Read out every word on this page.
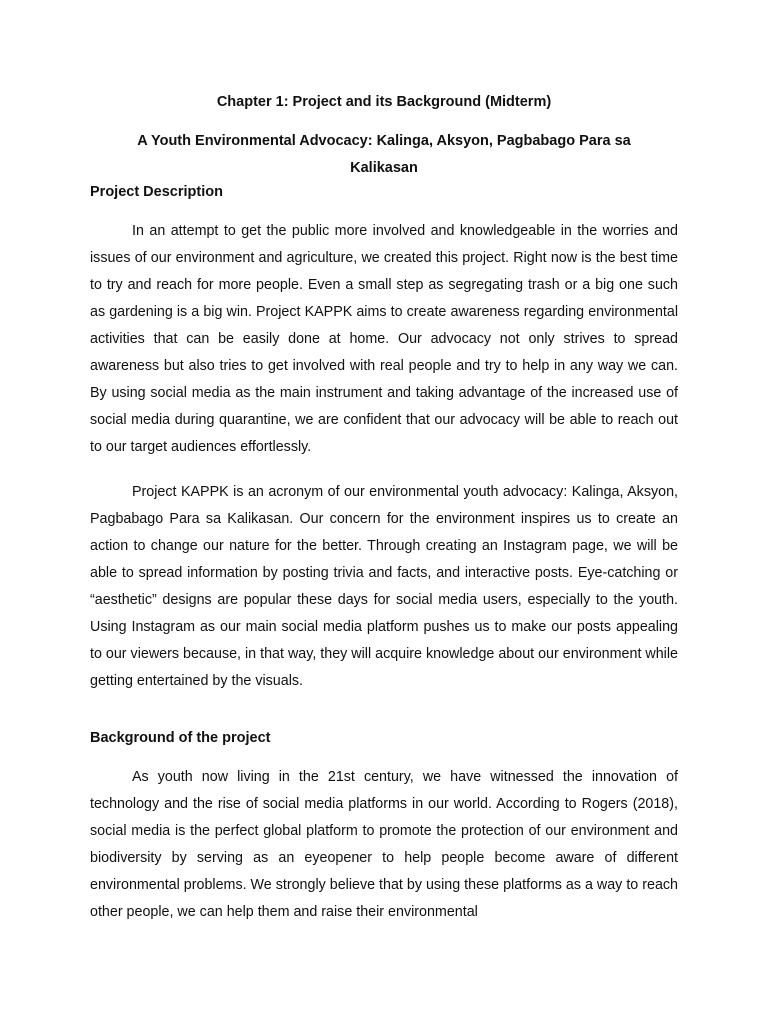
Chapter 1: Project and its Background (Midterm)
A Youth Environmental Advocacy: Kalinga, Aksyon, Pagbabago Para sa
Kalikasan
Project Description

In an attempt to get the public more involved and knowledgeable in the worries and issues of our environment and agriculture, we created this project. Right now is the best time to try and reach for more people. Even a small step as segregating trash or a big one such as gardening is a big win. Project KAPPK aims to create awareness regarding environmental activities that can be easily done at home. Our advocacy not only strives to spread awareness but also tries to get involved with real people and try to help in any way we can. By using social media as the main instrument and taking advantage of the increased use of social media during quarantine, we are confident that our advocacy will be able to reach out to our target audiences effortlessly.

Project KAPPK is an acronym of our environmental youth advocacy: Kalinga, Aksyon, Pagbabago Para sa Kalikasan. Our concern for the environment inspires us to create an action to change our nature for the better. Through creating an Instagram page, we will be able to spread information by posting trivia and facts, and interactive posts. Eye-catching or “aesthetic” designs are popular these days for social media users, especially to the youth. Using Instagram as our main social media platform pushes us to make our posts appealing to our viewers because, in that way, they will acquire knowledge about our environment while getting entertained by the visuals.

Background of the project

As youth now living in the 21st century, we have witnessed the innovation of technology and the rise of social media platforms in our world. According to Rogers (2018), social media is the perfect global platform to promote the protection of our environment and biodiversity by serving as an eyeopener to help people become aware of different environmental problems. We strongly believe that by using these platforms as a way to reach other people, we can help them and raise their environmental
